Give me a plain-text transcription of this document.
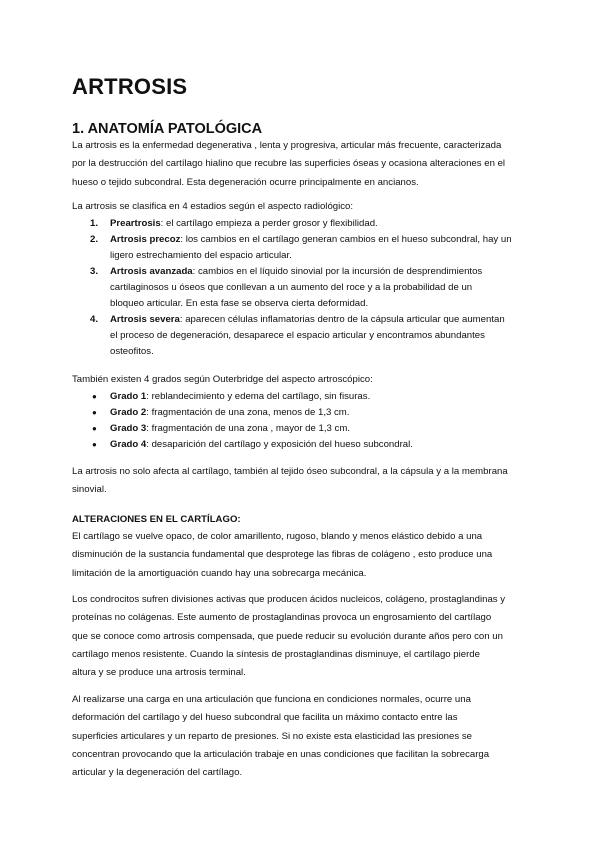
ARTROSIS
1. ANATOMÍA PATOLÓGICA
La artrosis es la enfermedad degenerativa , lenta y progresiva, articular más frecuente, caracterizada
por la destrucción del cartílago hialino que recubre las superficies óseas y ocasiona alteraciones en el
hueso o tejido subcondral. Esta degeneración ocurre principalmente en ancianos.
La artrosis se clasifica en 4 estadios según el aspecto radiológico:
1.	Preartrosis: el cartílago empieza a perder grosor y flexibilidad.
2.	Artrosis precoz: los cambios en el cartílago generan cambios en el hueso subcondral, hay un
ligero estrechamiento del espacio articular.
3.	Artrosis avanzada: cambios en el líquido sinovial por la incursión de desprendimientos
cartilaginosos u óseos que conllevan a un aumento del roce y a la probabilidad de un
bloqueo articular. En esta fase se observa cierta deformidad.
4.	Artrosis severa: aparecen células inflamatorias dentro de la cápsula articular que aumentan
el proceso de degeneración, desaparece el espacio articular y encontramos abundantes
osteofitos.
También existen 4 grados según Outerbridge del aspecto artroscópico:
●	Grado 1: reblandecimiento y edema del cartílago, sin fisuras.
●	Grado 2: fragmentación de una zona, menos de 1,3 cm.
●	Grado 3: fragmentación de una zona , mayor de 1,3 cm.
●	Grado 4: desaparición del cartílago y exposición del hueso subcondral.
La artrosis no solo afecta al cartílago, también al tejido óseo subcondral, a la cápsula y a la membrana
sinovial.
ALTERACIONES EN EL CARTÍLAGO:
El cartílago se vuelve opaco, de color amarillento, rugoso, blando y menos elástico debido a una
disminución de la sustancia fundamental que desprotege las fibras de colágeno , esto produce una
limitación de la amortiguación cuando hay una sobrecarga mecánica.
Los condrocitos sufren divisiones activas que producen ácidos nucleicos, colágeno, prostaglandinas y
proteínas no colágenas. Este aumento de prostaglandinas provoca un engrosamiento del cartílago
que se conoce como artrosis compensada, que puede reducir su evolución durante años pero con un
cartílago menos resistente. Cuando la síntesis de prostaglandinas disminuye, el cartílago pierde
altura y se produce una artrosis terminal.
Al realizarse una carga en una articulación que funciona en condiciones normales, ocurre una
deformación del cartílago y del hueso subcondral que facilita un máximo contacto entre las
superficies articulares y un reparto de presiones. Si no existe esta elasticidad las presiones se
concentran provocando que la articulación trabaje en unas condiciones que facilitan la sobrecarga
articular y la degeneración del cartílago.
